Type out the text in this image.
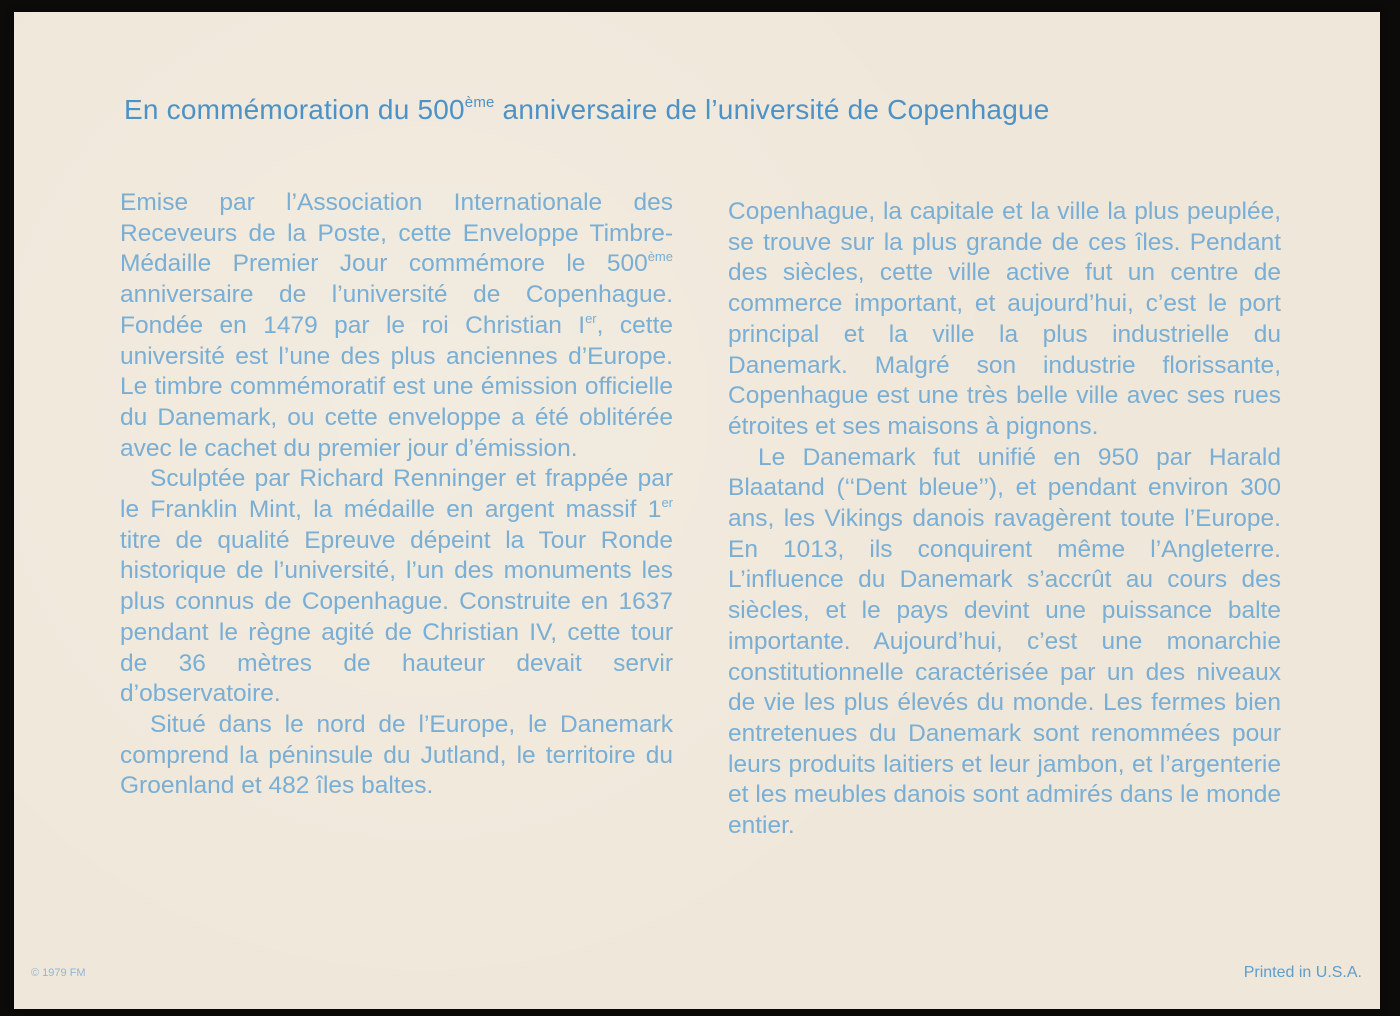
En commémoration du 500ème anniversaire de l’université de Copenhague

Emise par l’Association Internationale des Receveurs de la Poste, cette Enveloppe Timbre-Médaille Premier Jour commémore le 500ème anniversaire de l’université de Copenhague. Fondée en 1479 par le roi Christian Ier, cette université est l’une des plus anciennes d’Europe. Le timbre commémoratif est une émission officielle du Danemark, ou cette enveloppe a été oblitérée avec le cachet du premier jour d’émission.

Sculptée par Richard Renninger et frappée par le Franklin Mint, la médaille en argent massif 1er titre de qualité Epreuve dépeint la Tour Ronde historique de l’université, l’un des monuments les plus connus de Copenhague. Construite en 1637 pendant le règne agité de Christian IV, cette tour de 36 mètres de hauteur devait servir d’observatoire.

Situé dans le nord de l’Europe, le Danemark comprend la péninsule du Jutland, le territoire du Groenland et 482 îles baltes.

Copenhague, la capitale et la ville la plus peuplée, se trouve sur la plus grande de ces îles. Pendant des siècles, cette ville active fut un centre de commerce important, et aujourd’hui, c’est le port principal et la ville la plus industrielle du Danemark. Malgré son industrie florissante, Copenhague est une très belle ville avec ses rues étroites et ses maisons à pignons.

Le Danemark fut unifié en 950 par Harald Blaatand (‘‘Dent bleue’’), et pendant environ 300 ans, les Vikings danois ravagèrent toute l’Europe. En 1013, ils conquirent même l’Angleterre. L’influence du Danemark s’accrût au cours des siècles, et le pays devint une puissance balte importante. Aujourd’hui, c’est une monarchie constitutionnelle caractérisée par un des niveaux de vie les plus élevés du monde. Les fermes bien entretenues du Danemark sont renommées pour leurs produits laitiers et leur jambon, et l’argenterie et les meubles danois sont admirés dans le monde entier.

© 1979 FM	Printed in U.S.A.
